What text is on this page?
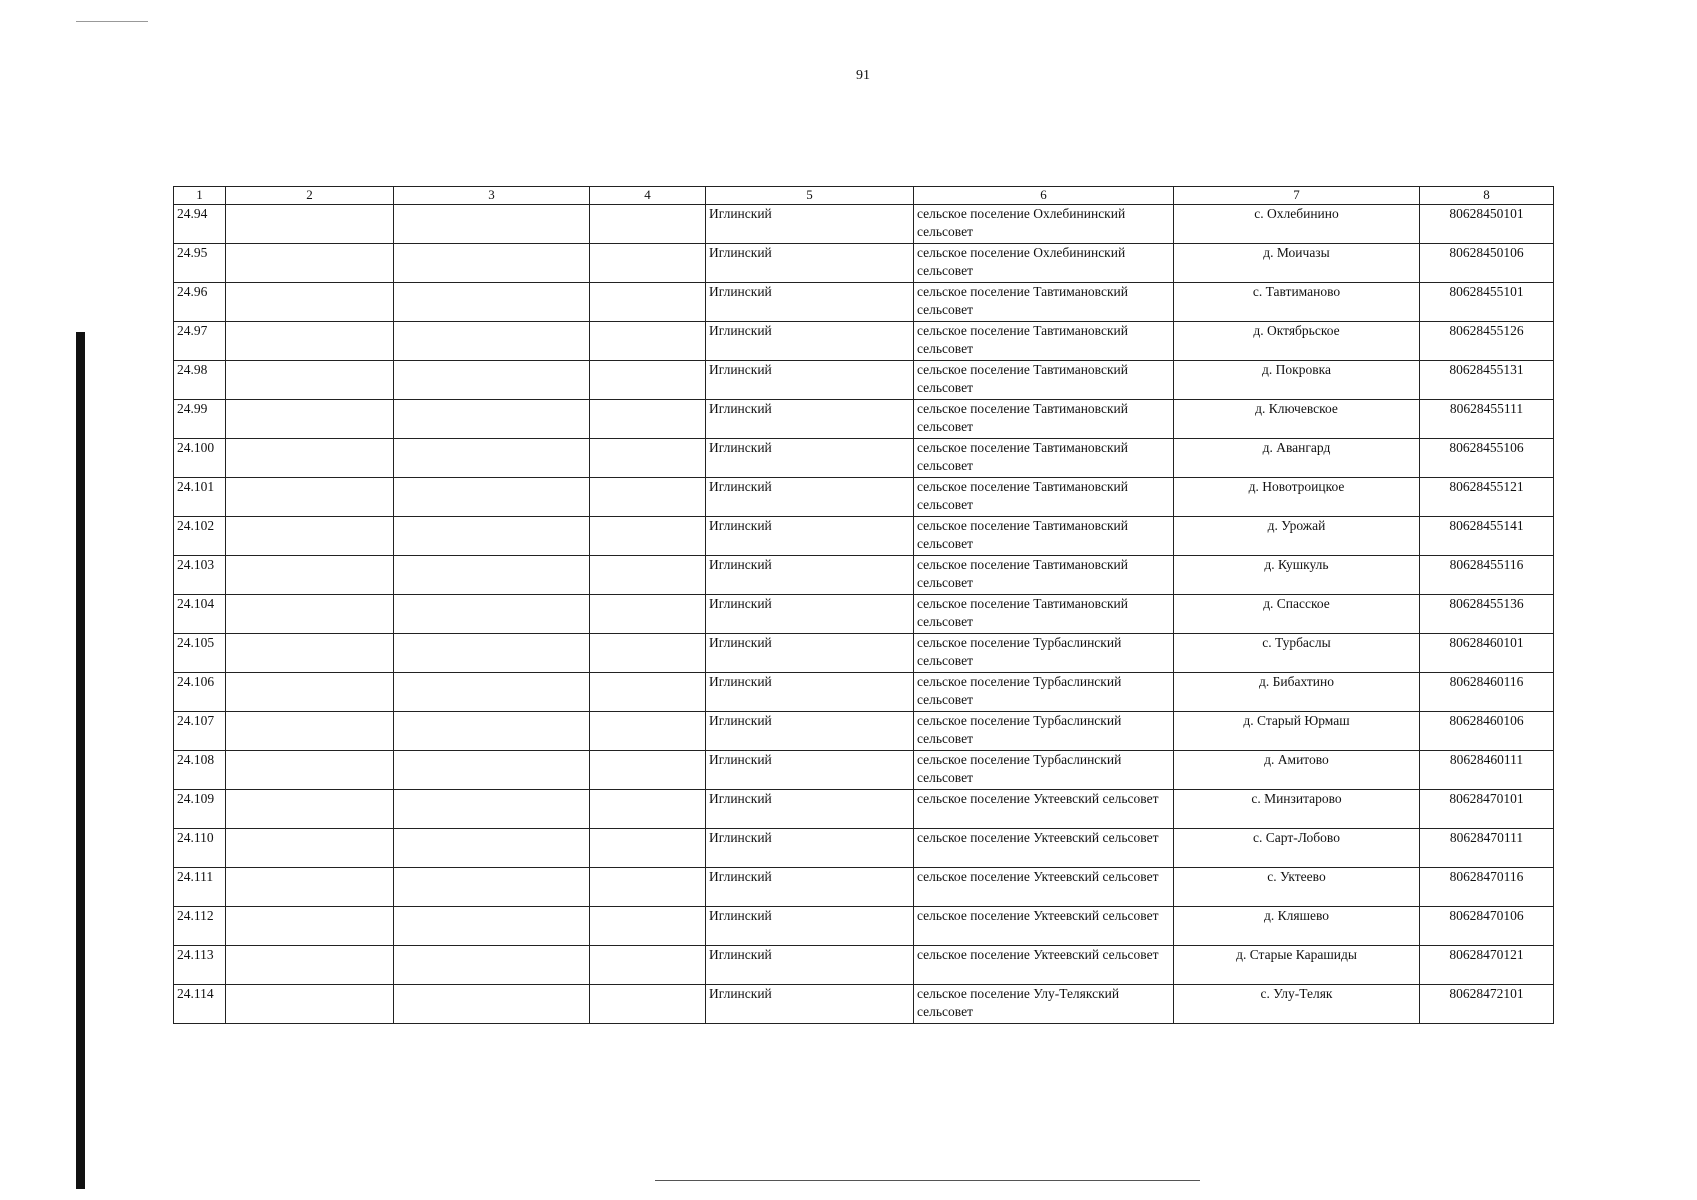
91
1	2	3	4	5	6	7	8
24.94				Иглинский	сельское поселение Охлебининский сельсовет	с. Охлебинино	80628450101
24.95				Иглинский	сельское поселение Охлебининский сельсовет	д. Моичазы	80628450106
24.96				Иглинский	сельское поселение Тавтимановский сельсовет	с. Тавтиманово	80628455101
24.97				Иглинский	сельское поселение Тавтимановский сельсовет	д. Октябрьское	80628455126
24.98				Иглинский	сельское поселение Тавтимановский сельсовет	д. Покровка	80628455131
24.99				Иглинский	сельское поселение Тавтимановский сельсовет	д. Ключевское	80628455111
24.100				Иглинский	сельское поселение Тавтимановский сельсовет	д. Авангард	80628455106
24.101				Иглинский	сельское поселение Тавтимановский сельсовет	д. Новотроицкое	80628455121
24.102				Иглинский	сельское поселение Тавтимановский сельсовет	д. Урожай	80628455141
24.103				Иглинский	сельское поселение Тавтимановский сельсовет	д. Кушкуль	80628455116
24.104				Иглинский	сельское поселение Тавтимановский сельсовет	д. Спасское	80628455136
24.105				Иглинский	сельское поселение Турбаслинский сельсовет	с. Турбаслы	80628460101
24.106				Иглинский	сельское поселение Турбаслинский сельсовет	д. Бибахтино	80628460116
24.107				Иглинский	сельское поселение Турбаслинский сельсовет	д. Старый Юрмаш	80628460106
24.108				Иглинский	сельское поселение Турбаслинский сельсовет	д. Амитово	80628460111
24.109				Иглинский	сельское поселение Уктеевский сельсовет	с. Минзитарово	80628470101
24.110				Иглинский	сельское поселение Уктеевский сельсовет	с. Сарт-Лобово	80628470111
24.111				Иглинский	сельское поселение Уктеевский сельсовет	с. Уктеево	80628470116
24.112				Иглинский	сельское поселение Уктеевский сельсовет	д. Кляшево	80628470106
24.113				Иглинский	сельское поселение Уктеевский сельсовет	д. Старые Карашиды	80628470121
24.114				Иглинский	сельское поселение Улу-Телякский сельсовет	с. Улу-Теляк	80628472101
